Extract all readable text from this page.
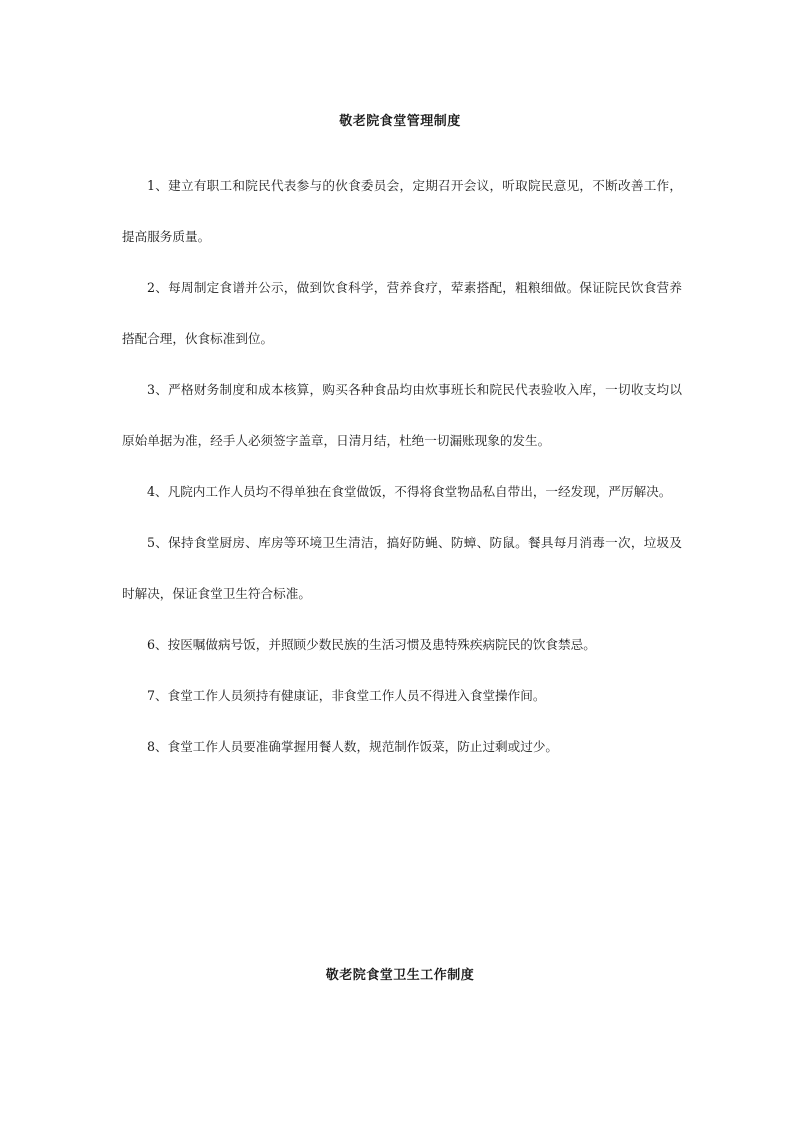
敬老院食堂管理制度

1、建立有职工和院民代表参与的伙食委员会，定期召开会议，听取院民意见，不断改善工作，提高服务质量。

2、每周制定食谱并公示，做到饮食科学，营养食疗，荤素搭配，粗粮细做。保证院民饮食营养搭配合理，伙食标准到位。

3、严格财务制度和成本核算，购买各种食品均由炊事班长和院民代表验收入库，一切收支均以原始单据为准，经手人必须签字盖章，日清月结，杜绝一切漏账现象的发生。

4、凡院内工作人员均不得单独在食堂做饭，不得将食堂物品私自带出，一经发现，严厉解决。

5、保持食堂厨房、库房等环境卫生清洁，搞好防蝇、防蟑、防鼠。餐具每月消毒一次，垃圾及时解决，保证食堂卫生符合标准。

6、按医嘱做病号饭，并照顾少数民族的生活习惯及患特殊疾病院民的饮食禁忌。

7、食堂工作人员须持有健康证，非食堂工作人员不得进入食堂操作间。

8、食堂工作人员要准确掌握用餐人数，规范制作饭菜，防止过剩或过少。

敬老院食堂卫生工作制度
